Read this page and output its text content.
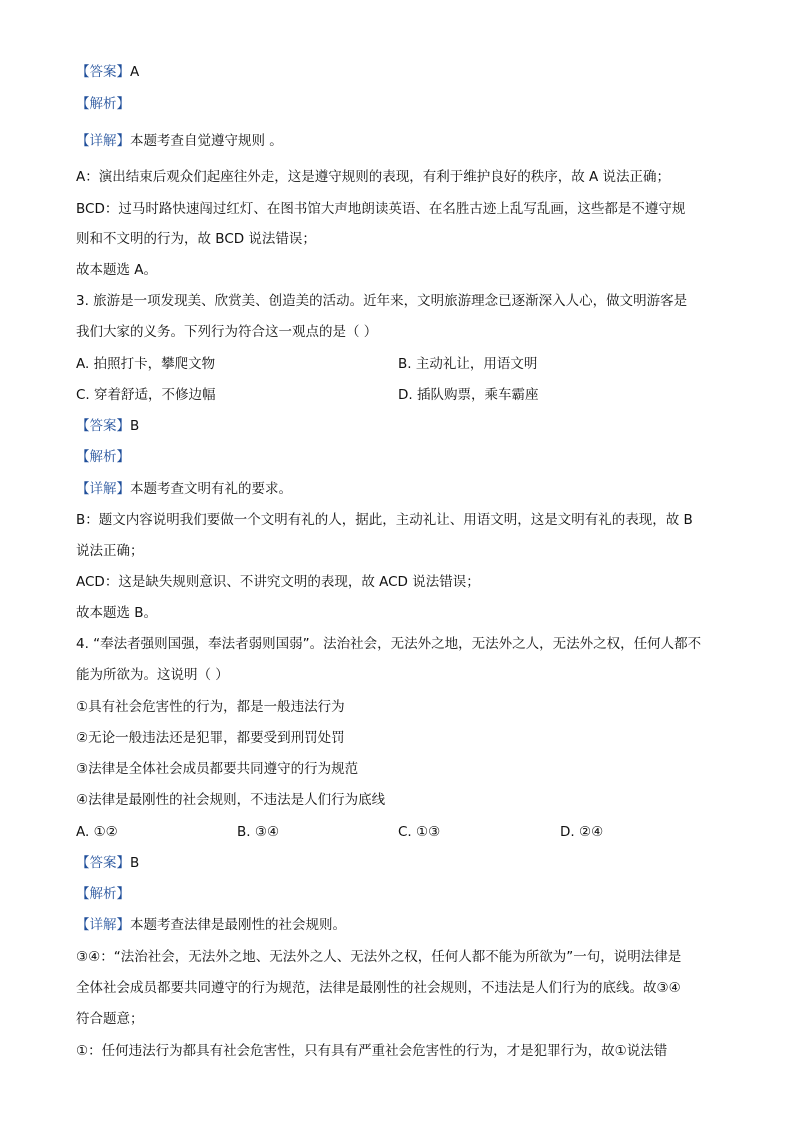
【答案】A
【解析】
【详解】本题考查自觉遵守规则 。
A：演出结束后观众们起座往外走，这是遵守规则的表现，有利于维护良好的秩序，故 A 说法正确；
BCD：过马时路快速闯过红灯、在图书馆大声地朗读英语、在名胜古迹上乱写乱画，这些都是不遵守规
则和不文明的行为，故 BCD 说法错误；
故本题选 A。
3. 旅游是一项发现美、欣赏美、创造美的活动。近年来，文明旅游理念已逐渐深入人心，做文明游客是
我们大家的义务。下列行为符合这一观点的是（ ）
A. 拍照打卡，攀爬文物	B. 主动礼让，用语文明
C. 穿着舒适，不修边幅	D. 插队购票，乘车霸座
【答案】B
【解析】
【详解】本题考查文明有礼的要求。
B：题文内容说明我们要做一个文明有礼的人，据此，主动礼让、用语文明，这是文明有礼的表现，故 B
说法正确；
ACD：这是缺失规则意识、不讲究文明的表现，故 ACD 说法错误；
故本题选 B。
4. “奉法者强则国强，奉法者弱则国弱”。法治社会，无法外之地，无法外之人，无法外之权，任何人都不
能为所欲为。这说明（ ）
①具有社会危害性的行为，都是一般违法行为
②无论一般违法还是犯罪，都要受到刑罚处罚
③法律是全体社会成员都要共同遵守的行为规范
④法律是最刚性的社会规则，不违法是人们行为底线
A. ①②	B. ③④	C. ①③	D. ②④
【答案】B
【解析】
【详解】本题考查法律是最刚性的社会规则。
③④：“法治社会，无法外之地、无法外之人、无法外之权，任何人都不能为所欲为”一句，说明法律是
全体社会成员都要共同遵守的行为规范，法律是最刚性的社会规则，不违法是人们行为的底线。故③④
符合题意；
①：任何违法行为都具有社会危害性，只有具有严重社会危害性的行为，才是犯罪行为，故①说法错
